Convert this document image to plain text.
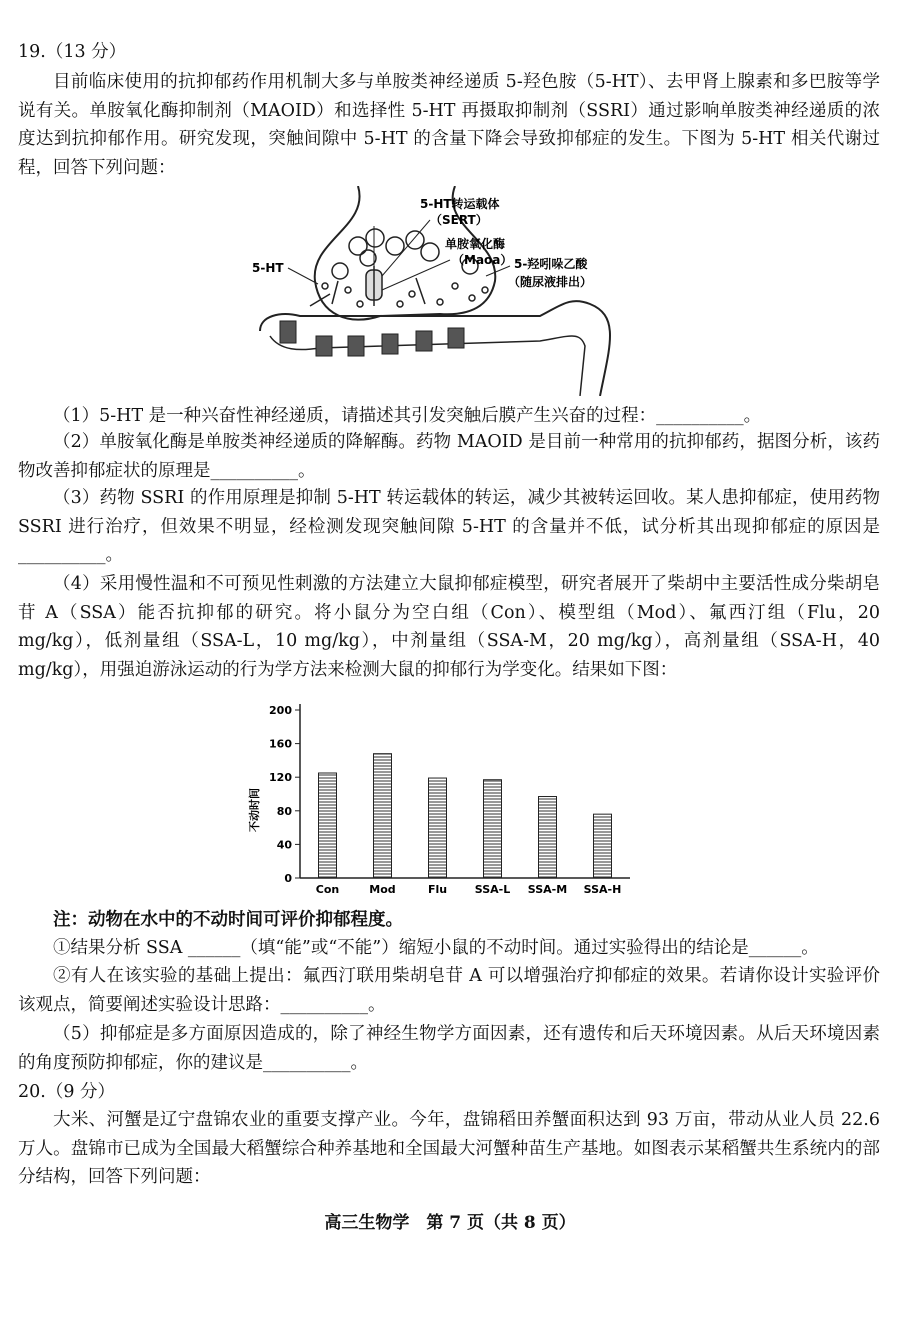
19.（13 分）
目前临床使用的抗抑郁药作用机制大多与单胺类神经递质 5-羟色胺（5-HT）、去甲肾上腺素和多巴胺等学说有关。单胺氧化酶抑制剂（MAOID）和选择性 5-HT 再摄取抑制剂（SSRI）通过影响单胺类神经递质的浓度达到抗抑郁作用。研究发现，突触间隙中 5-HT 的含量下降会导致抑郁症的发生。下图为 5-HT 相关代谢过程，回答下列问题：
5-HT
5-HT转运载体
（SERT）
单胺氧化酶
（Maoa） 5-羟吲哚乙酸
（随尿液排出）
（1）5-HT 是一种兴奋性神经递质，请描述其引发突触后膜产生兴奋的过程：__________。
（2）单胺氧化酶是单胺类神经递质的降解酶。药物 MAOID 是目前一种常用的抗抑郁药，据图分析，该药物改善抑郁症状的原理是__________。
（3）药物 SSRI 的作用原理是抑制 5-HT 转运载体的转运，减少其被转运回收。某人患抑郁症，使用药物 SSRI 进行治疗，但效果不明显，经检测发现突触间隙 5-HT 的含量并不低，试分析其出现抑郁症的原因是__________。
（4）采用慢性温和不可预见性刺激的方法建立大鼠抑郁症模型，研究者展开了柴胡中主要活性成分柴胡皂苷 A（SSA）能否抗抑郁的研究。将小鼠分为空白组（Con）、模型组（Mod）、氟西汀组（Flu，20 mg/kg），低剂量组（SSA-L，10 mg/kg），中剂量组（SSA-M，20 mg/kg），高剂量组（SSA-H，40 mg/kg），用强迫游泳运动的行为学方法来检测大鼠的抑郁行为学变化。结果如下图：
0
40
80
120
160
200
Con	Mod	Flu	SSA-L SSA-M SSA-H
不动时间
注：动物在水中的不动时间可评价抑郁程度。
①结果分析 SSA ______（填“能”或“不能”）缩短小鼠的不动时间。通过实验得出的结论是______。
②有人在该实验的基础上提出：氟西汀联用柴胡皂苷 A 可以增强治疗抑郁症的效果。若请你设计实验评价该观点，简要阐述实验设计思路：__________。
（5）抑郁症是多方面原因造成的，除了神经生物学方面因素，还有遗传和后天环境因素。从后天环境因素的角度预防抑郁症，你的建议是__________。
20.（9 分）
大米、河蟹是辽宁盘锦农业的重要支撑产业。今年，盘锦稻田养蟹面积达到 93 万亩，带动从业人员 22.6 万人。盘锦市已成为全国最大稻蟹综合种养基地和全国最大河蟹种苗生产基地。如图表示某稻蟹共生系统内的部分结构，回答下列问题：
高三生物学　第 7 页（共 8 页）
